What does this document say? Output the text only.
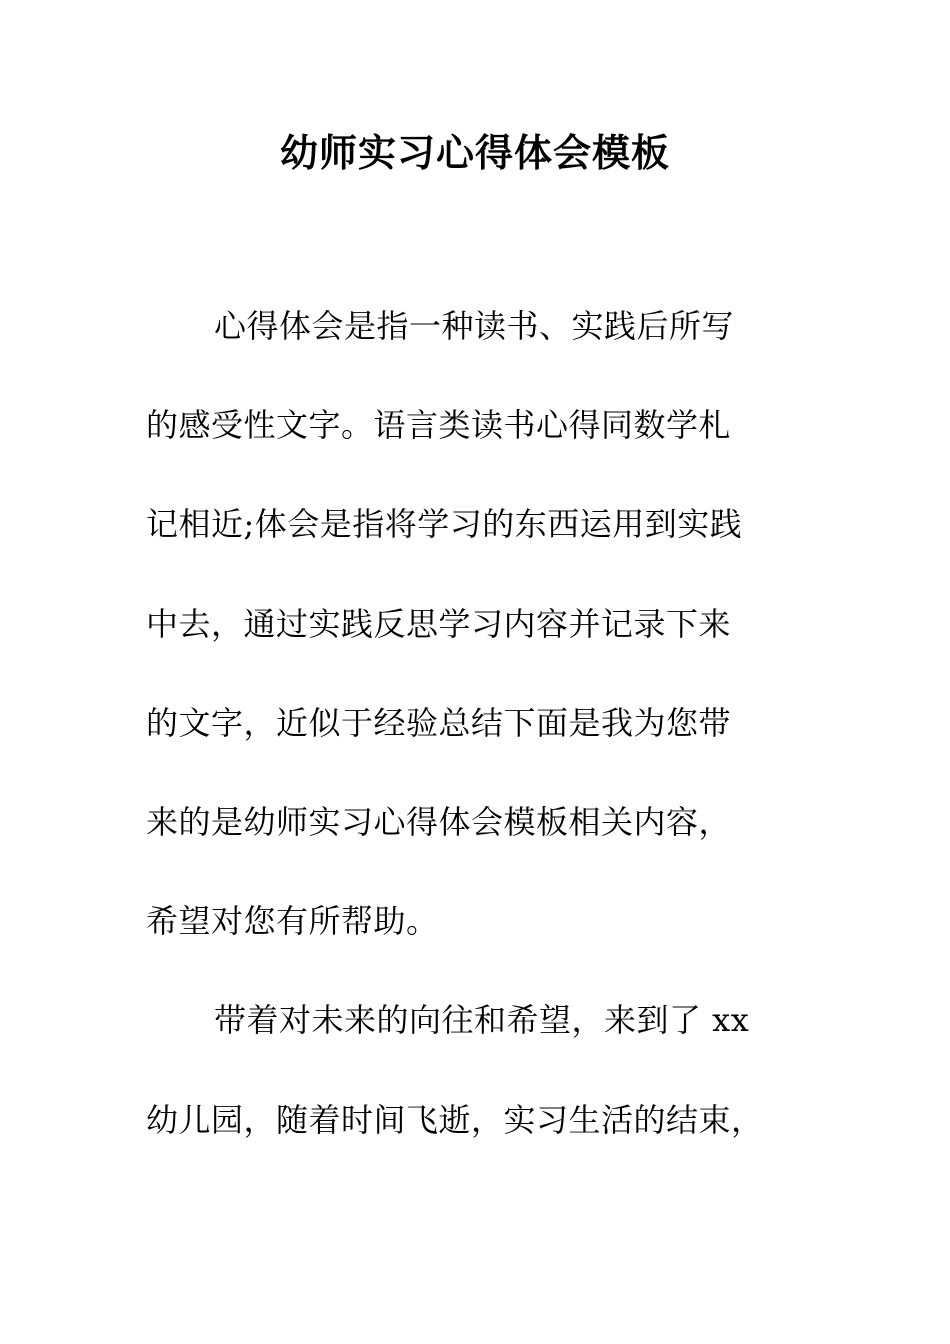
幼师实习心得体会模板
心得体会是指一种读书、实践后所写
的感受性文字。语言类读书心得同数学札
记相近;体会是指将学习的东西运用到实践
中去，通过实践反思学习内容并记录下来
的文字，近似于经验总结下面是我为您带
来的是幼师实习心得体会模板相关内容，
希望对您有所帮助。
带着对未来的向往和希望，来到了 xx
幼儿园，随着时间飞逝，实习生活的结束，
